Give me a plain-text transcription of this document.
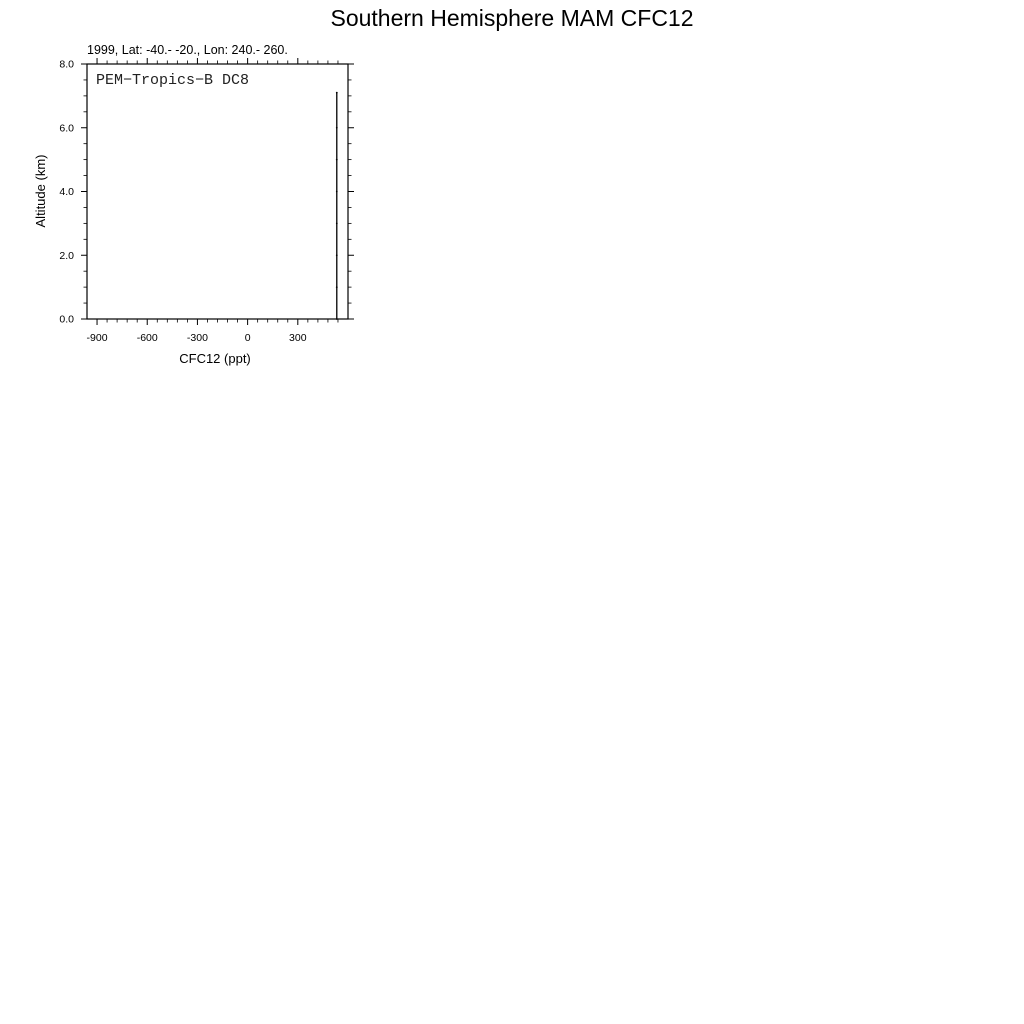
Southern Hemisphere MAM CFC12
1999, Lat: -40.- -20., Lon: 240.- 260.
-900	-600	-300	0	300
0.0
2.0
4.0
6.0
8.0
PEM−Tropics−B DC8
CFC12 (ppt)
Altitude (km)
